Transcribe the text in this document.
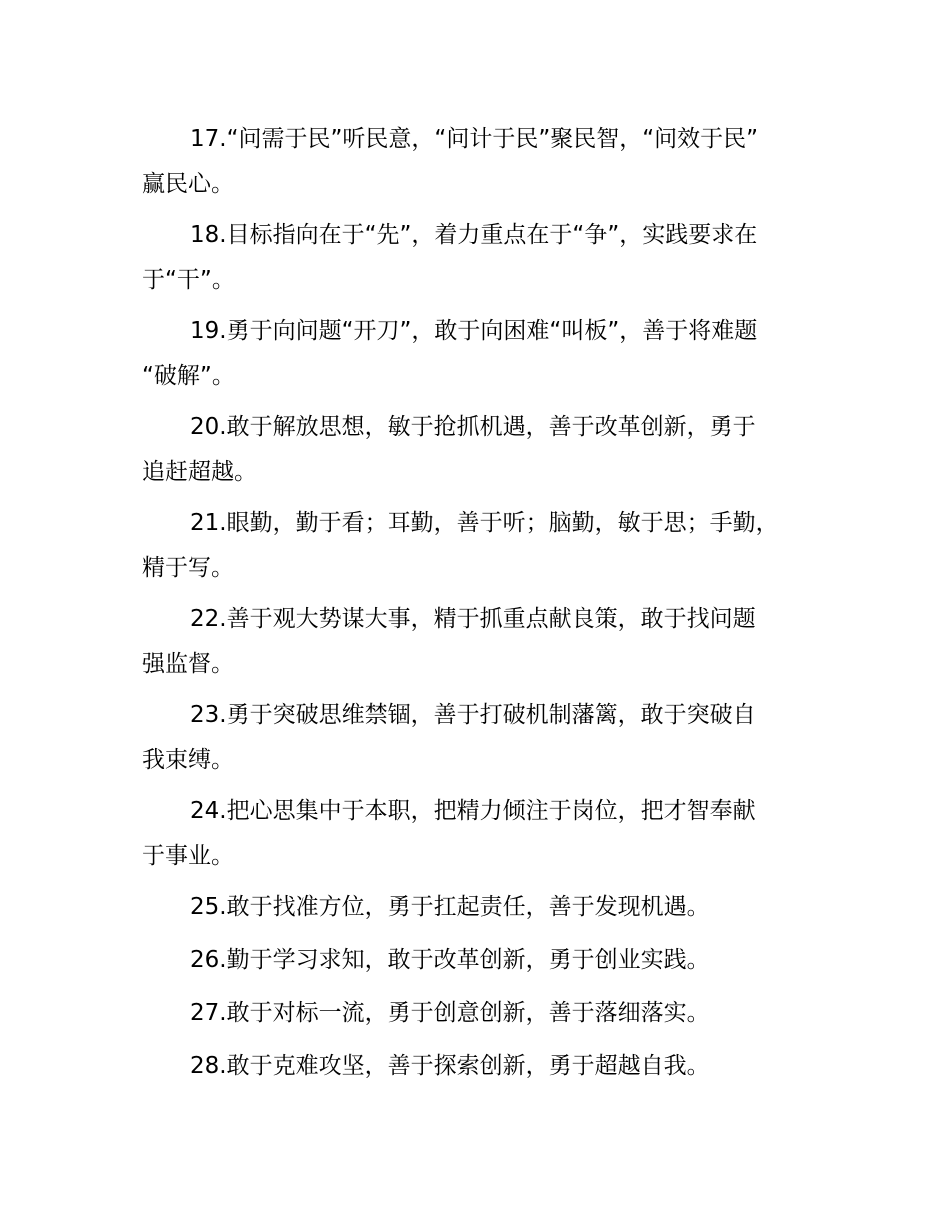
17.“问需于民”听民意，“问计于民”聚民智，“问效于民”
赢民心。

18.目标指向在于“先”，着力重点在于“争”，实践要求在
于“干”。

19.勇于向问题“开刀”，敢于向困难“叫板”，善于将难题
“破解”。

20.敢于解放思想，敏于抢抓机遇，善于改革创新，勇于
追赶超越。

21.眼勤，勤于看；耳勤，善于听；脑勤，敏于思；手勤，
精于写。

22.善于观大势谋大事，精于抓重点献良策，敢于找问题
强监督。

23.勇于突破思维禁锢，善于打破机制藩篱，敢于突破自
我束缚。

24.把心思集中于本职，把精力倾注于岗位，把才智奉献
于事业。

25.敢于找准方位，勇于扛起责任，善于发现机遇。

26.勤于学习求知，敢于改革创新，勇于创业实践。

27.敢于对标一流，勇于创意创新，善于落细落实。

28.敢于克难攻坚，善于探索创新，勇于超越自我。
